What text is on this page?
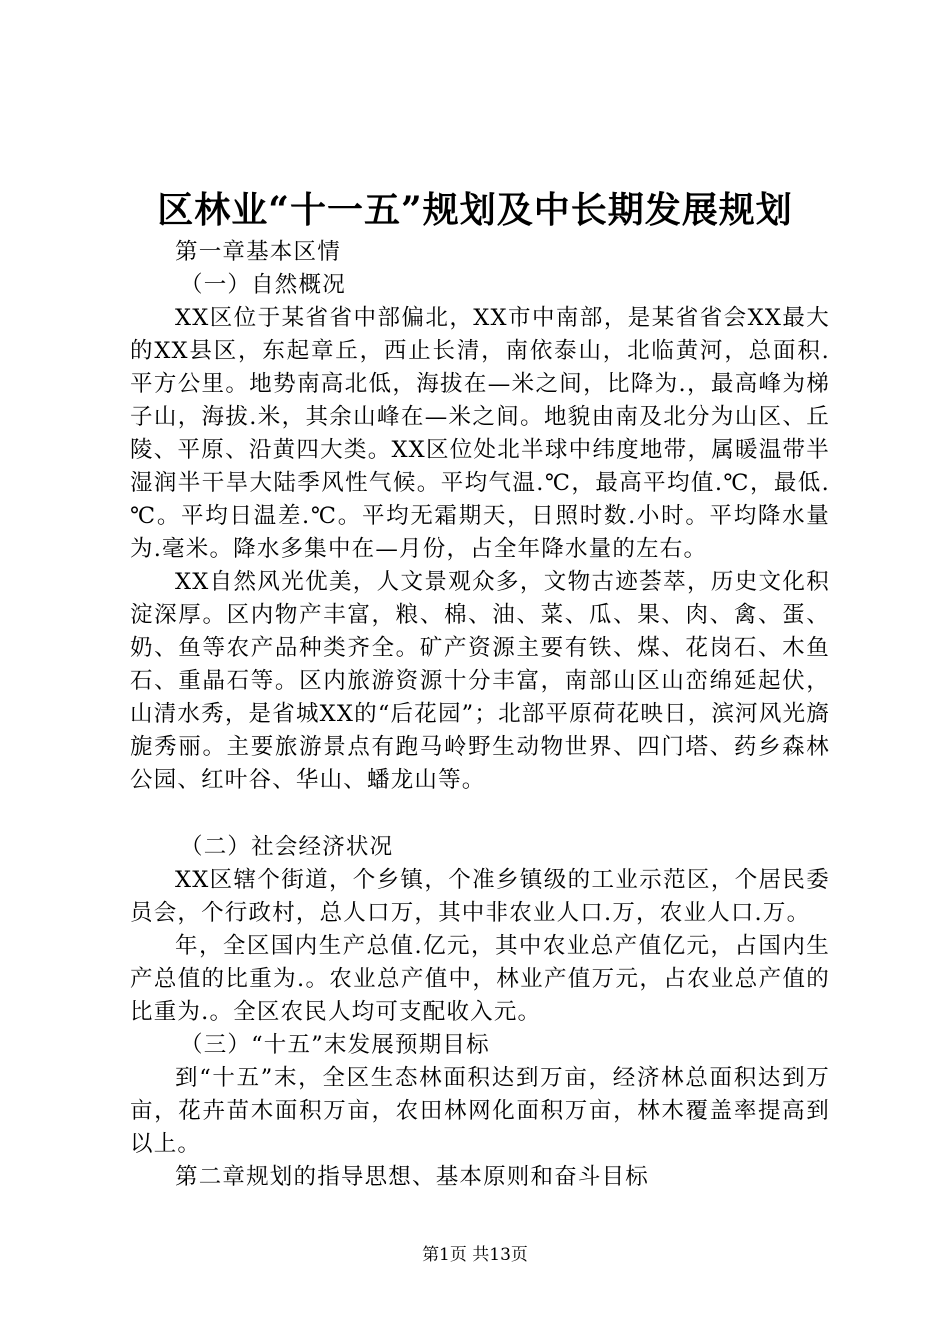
区林业“十一五”规划及中长期发展规划

第一章基本区情

（一）自然概况

XX区位于某省省中部偏北，XX市中南部，是某省省会XX最大的XX县区，东起章丘，西止长清，南依泰山，北临黄河，总面积.平方公里。地势南高北低，海拔在—米之间，比降为.，最高峰为梯子山，海拔.米，其余山峰在—米之间。地貌由南及北分为山区、丘陵、平原、沿黄四大类。XX区位处北半球中纬度地带，属暖温带半湿润半干旱大陆季风性气候。平均气温.℃，最高平均值.℃，最低.℃。平均日温差.℃。平均无霜期天，日照时数.小时。平均降水量为.毫米。降水多集中在—月份，占全年降水量的左右。

XX自然风光优美，人文景观众多，文物古迹荟萃，历史文化积淀深厚。区内物产丰富，粮、棉、油、菜、瓜、果、肉、禽、蛋、奶、鱼等农产品种类齐全。矿产资源主要有铁、煤、花岗石、木鱼石、重晶石等。区内旅游资源十分丰富，南部山区山峦绵延起伏，山清水秀，是省城XX的“后花园”；北部平原荷花映日，滨河风光旖旎秀丽。主要旅游景点有跑马岭野生动物世界、四门塔、药乡森林公园、红叶谷、华山、蟠龙山等。

（二）社会经济状况

XX区辖个街道，个乡镇，个准乡镇级的工业示范区，个居民委员会，个行政村，总人口万，其中非农业人口.万，农业人口.万。

年，全区国内生产总值.亿元，其中农业总产值亿元，占国内生产总值的比重为.。农业总产值中，林业产值万元，占农业总产值的比重为.。全区农民人均可支配收入元。

（三）“十五”末发展预期目标

到“十五”末，全区生态林面积达到万亩，经济林总面积达到万亩，花卉苗木面积万亩，农田林网化面积万亩，林木覆盖率提高到以上。

第二章规划的指导思想、基本原则和奋斗目标

第1页 共13页
